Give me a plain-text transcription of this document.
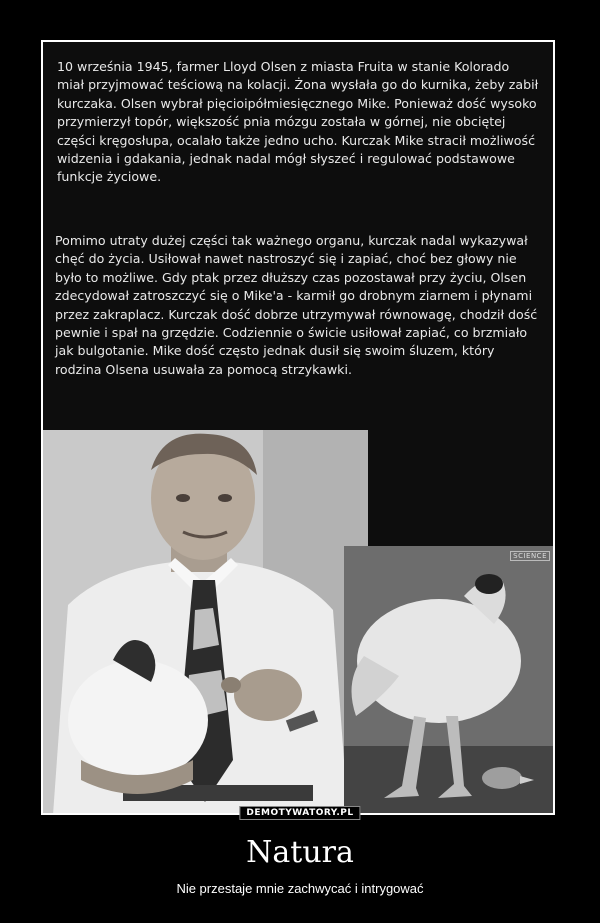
10 września 1945, farmer Lloyd Olsen z miasta Fruita w stanie Kolorado miał przyjmować teściową na kolacji. Żona wysłała go do kurnika, żeby zabił kurczaka. Olsen wybrał pięcioipółmiesięcznego Mike. Ponieważ dość wysoko przymierzył topór, większość pnia mózgu została w górnej, nie obciętej części kręgosłupa, ocalało także jedno ucho. Kurczak Mike stracił możliwość widzenia i gdakania, jednak nadal mógł słyszeć i regulować podstawowe funkcje życiowe.
Pomimo utraty dużej części tak ważnego organu, kurczak nadal wykazywał chęć do życia. Usiłował nawet nastroszyć się i zapiać, choć bez głowy nie było to możliwe. Gdy ptak przez dłuższy czas pozostawał przy życiu, Olsen zdecydował zatroszczyć się o Mike'a - karmił go drobnym ziarnem i płynami przez zakraplacz. Kurczak dość dobrze utrzymywał równowagę, chodził dość pewnie i spał na grzędzie. Codziennie o świcie usiłował zapiać, co brzmiało jak bulgotanie. Mike dość często jednak dusił się swoim śluzem, który rodzina Olsena usuwała za pomocą strzykawki.
SCIENCE
DEMOTYWATORY.PL
Natura
Nie przestaje mnie zachwycać i intrygować
